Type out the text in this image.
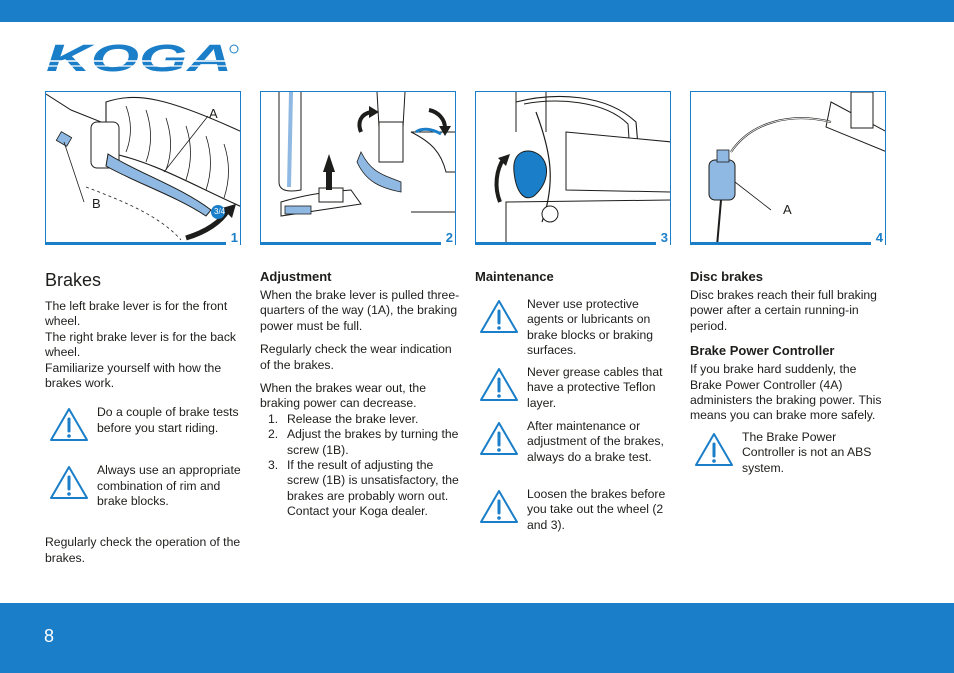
KOGA
A
B
3/4
1	2	3
A
4
Brakes

The left brake lever is for the front wheel.

The right brake lever is for the back wheel.

Familiarize yourself with how the brakes work.

Do a couple of brake tests before you start riding.

Always use an appropriate combination of rim and brake blocks.

Regularly check the operation of the brakes.

Adjustment

When the brake lever is pulled three-quarters of the way (1A), the braking power must be full.

Regularly check the wear indication of the brakes.

When the brakes wear out, the braking power can decrease.

1. Release the brake lever.
2. Adjust the brakes by turning the screw (1B).
3. If the result of adjusting the screw (1B) is unsatisfactory, the brakes are probably worn out. Contact your Koga dealer.
Maintenance

Never use protective agents or lubricants on brake blocks or braking surfaces.

Never grease cables that have a protective Teflon layer.

After maintenance or adjustment of the brakes, always do a brake test.

Loosen the brakes before you take out the wheel (2 and 3).

Disc brakes

Disc brakes reach their full braking power after a certain running-in period.

Brake Power Controller

If you brake hard suddenly, the Brake Power Controller (4A) administers the braking power. This means you can brake more safely.

The Brake Power Controller is not an ABS system.

8
